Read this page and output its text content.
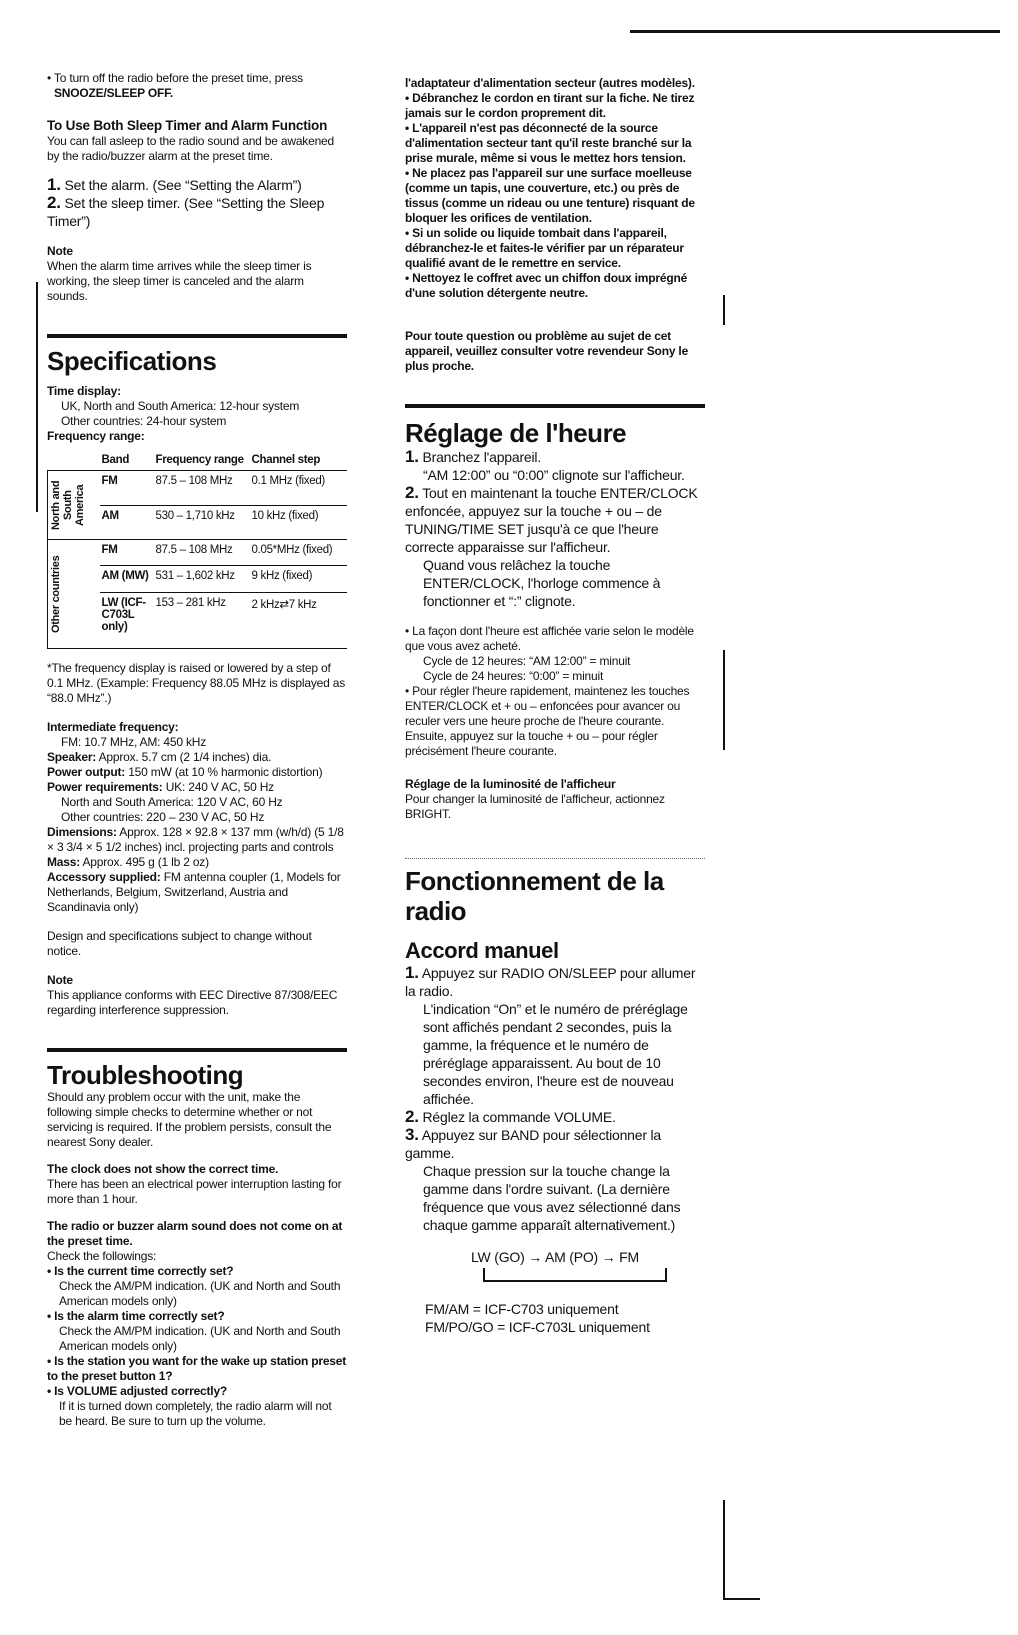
• To turn off the radio before the preset time, press
SNOOZE/SLEEP OFF.
To Use Both Sleep Timer and Alarm Function
You can fall asleep to the radio sound and be awakened by the radio/buzzer alarm at the preset time.
1. Set the alarm. (See “Setting the Alarm”)
2. Set the sleep timer. (See “Setting the Sleep Timer”)
Note
When the alarm time arrives while the sleep timer is working, the sleep timer is canceled and the alarm sounds.
Specifications
Time display:
UK, North and South America: 12-hour system
Other countries: 24-hour system
Frequency range:
	Band	Frequency range	Channel step

North and South America	FM	87.5 – 108 MHz	0.1 MHz (fixed)
	AM	530 – 1,710 kHz	10 kHz (fixed)

Other countries	FM	87.5 – 108 MHz	0.05*MHz (fixed)
	AM (MW)	531 – 1,602 kHz	9 kHz (fixed)
	LW (ICF-C703L only)	153 – 281 kHz	2 kHz⇄7 kHz
*The frequency display is raised or lowered by a step of 0.1 MHz. (Example: Frequency 88.05 MHz is displayed as “88.0 MHz”.)
Intermediate frequency:
FM: 10.7 MHz, AM: 450 kHz
Speaker: Approx. 5.7 cm (2 1/4 inches) dia.
Power output: 150 mW (at 10 % harmonic distortion)
Power requirements: UK: 240 V AC, 50 Hz
North and South America: 120 V AC, 60 Hz
Other countries: 220 – 230 V AC, 50 Hz
Dimensions: Approx. 128 × 92.8 × 137 mm (w/h/d) (5 1/8 × 3 3/4 × 5 1/2 inches) incl. projecting parts and controls
Mass: Approx. 495 g (1 lb 2 oz)
Accessory supplied: FM antenna coupler (1, Models for Netherlands, Belgium, Switzerland, Austria and Scandinavia only)
Design and specifications subject to change without notice.
Note
This appliance conforms with EEC Directive 87/308/EEC regarding interference suppression.
Troubleshooting
Should any problem occur with the unit, make the following simple checks to determine whether or not servicing is required. If the problem persists, consult the nearest Sony dealer.
The clock does not show the correct time.
There has been an electrical power interruption lasting for more than 1 hour.
The radio or buzzer alarm sound does not come on at the preset time.
Check the followings:
• Is the current time correctly set?
Check the AM/PM indication. (UK and North and South American models only)
• Is the alarm time correctly set?
Check the AM/PM indication. (UK and North and South American models only)
• Is the station you want for the wake up station preset to the preset button 1?
• Is VOLUME adjusted correctly?
If it is turned down completely, the radio alarm will not be heard. Be sure to turn up the volume.
l'adaptateur d'alimentation secteur (autres modèles).
• Débranchez le cordon en tirant sur la fiche. Ne tirez jamais sur le cordon proprement dit.
• L'appareil n'est pas déconnecté de la source d'alimentation secteur tant qu'il reste branché sur la prise murale, même si vous le mettez hors tension.
• Ne placez pas l'appareil sur une surface moelleuse (comme un tapis, une couverture, etc.) ou près de tissus (comme un rideau ou une tenture) risquant de bloquer les orifices de ventilation.
• Si un solide ou liquide tombait dans l'appareil, débranchez-le et faites-le vérifier par un réparateur qualifié avant de le remettre en service.
• Nettoyez le coffret avec un chiffon doux imprégné d'une solution détergente neutre.
Pour toute question ou problème au sujet de cet appareil, veuillez consulter votre revendeur Sony le plus proche.
Réglage de l'heure
1. Branchez l'appareil.
“AM 12:00” ou “0:00” clignote sur l'afficheur.
2. Tout en maintenant la touche ENTER/CLOCK enfoncée, appuyez sur la touche + ou – de TUNING/TIME SET jusqu'à ce que l'heure correcte apparaisse sur l'afficheur.
Quand vous relâchez la touche ENTER/CLOCK, l'horloge commence à fonctionner et “:” clignote.
• La façon dont l'heure est affichée varie selon le modèle que vous avez acheté.
Cycle de 12 heures: “AM 12:00” = minuit
Cycle de 24 heures: “0:00” = minuit
• Pour régler l'heure rapidement, maintenez les touches ENTER/CLOCK et + ou – enfoncées pour avancer ou reculer vers une heure proche de l'heure courante. Ensuite, appuyez sur la touche + ou – pour régler précisément l'heure courante.
Réglage de la luminosité de l'afficheur
Pour changer la luminosité de l'afficheur, actionnez BRIGHT.
Fonctionnement de la radio
Accord manuel
1. Appuyez sur RADIO ON/SLEEP pour allumer la radio.
L'indication “On” et le numéro de préréglage sont affichés pendant 2 secondes, puis la gamme, la fréquence et le numéro de préréglage apparaissent. Au bout de 10 secondes environ, l'heure est de nouveau affichée.
2. Réglez la commande VOLUME.
3. Appuyez sur BAND pour sélectionner la gamme.
Chaque pression sur la touche change la gamme dans l'ordre suivant. (La dernière fréquence que vous avez sélectionné dans chaque gamme apparaît alternativement.)
LW (GO) → AM (PO) → FM
FM/AM = ICF-C703 uniquement
FM/PO/GO = ICF-C703L uniquement
